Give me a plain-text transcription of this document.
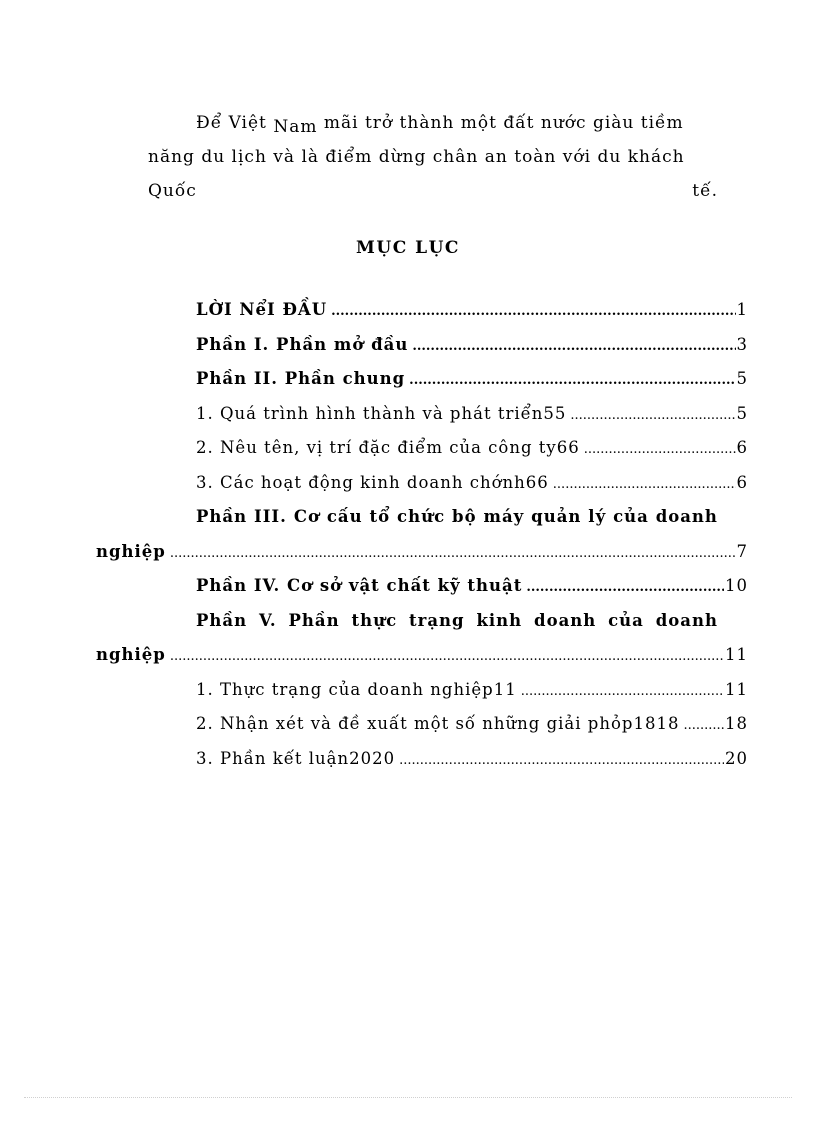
Để Việt Nam mãi trở thành một đất nước giàu tiềm

năng du lịch và là điểm dừng chân an toàn với du khách

Quốc	tế.

MỤC LỤC
LỜI NểI ĐẦU .....	1
Phần I. Phần mở đầu .....	3
Phần II. Phần chung .....	5
1. Quá trình hình thành và phát triển55 .....	5
2. Nêu tên, vị trí đặc điểm của công ty66 .....	6
3. Các hoạt động kinh doanh chớnh66 .....	6
Phần III. Cơ cấu tổ chức bộ máy quản lý của doanh
nghiệp .....	7
Phần IV. Cơ sở vật chất kỹ thuật .....	10
Phần V. Phần thực trạng kinh doanh của doanh
nghiệp .....	11
1. Thực trạng của doanh nghiệp11 .....	11
2. Nhận xét và đề xuất một số những giải phỏp1818 .....	18
3. Phần kết luận2020 .....	20
